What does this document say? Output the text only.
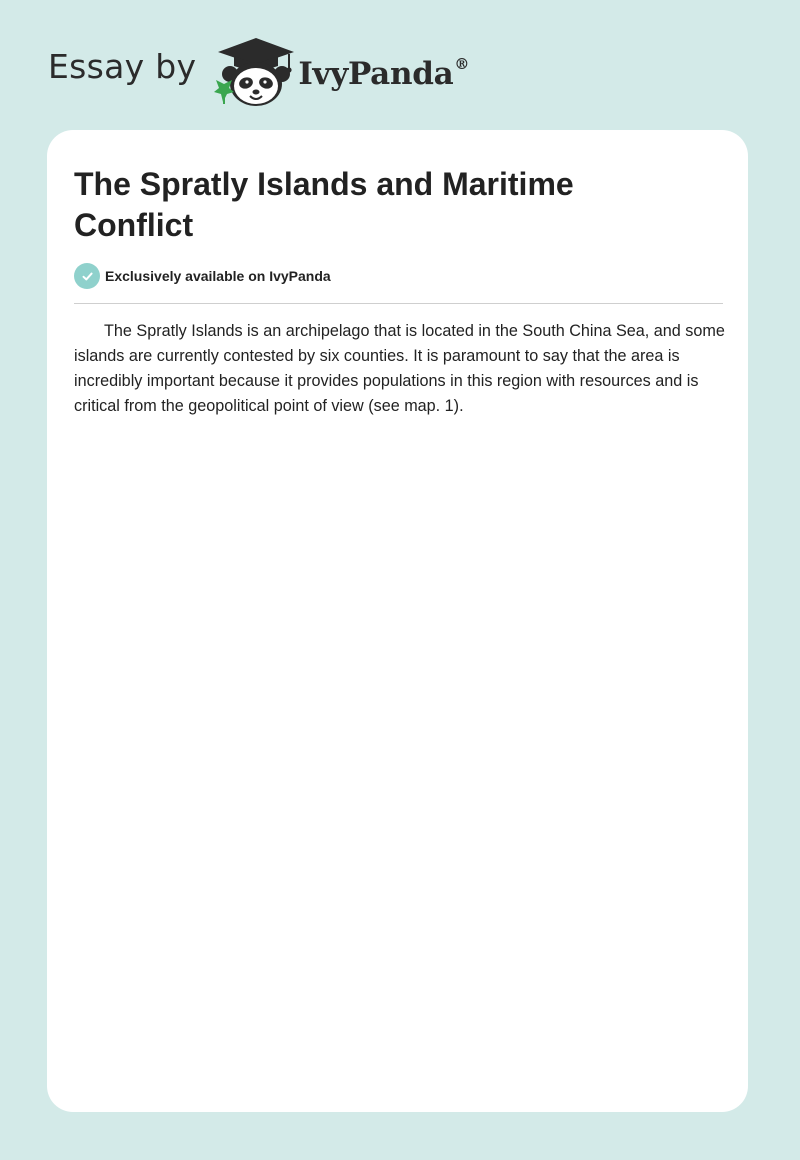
Essay by	IvyPanda®
The Spratly Islands and Maritime Conflict
Exclusively available on IvyPanda

The Spratly Islands is an archipelago that is located in the South China Sea, and some islands are currently contested by six counties. It is paramount to say that the area is incredibly important because it provides populations in this region with resources and is critical from the geopolitical point of view (see map. 1).
